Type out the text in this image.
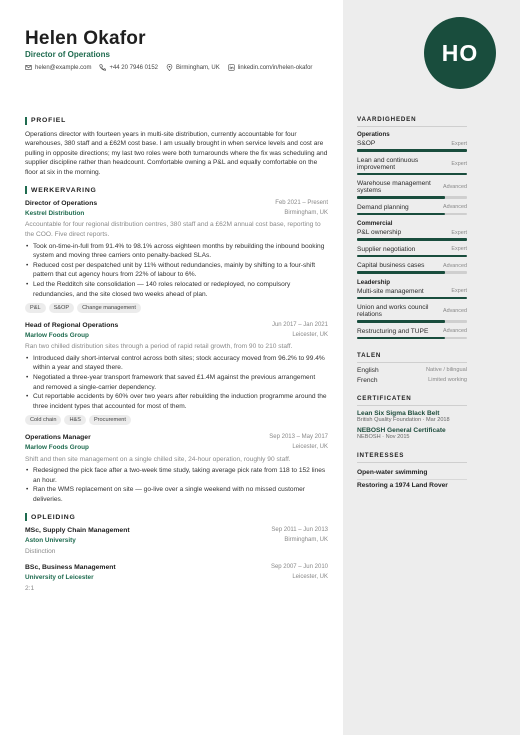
Helen Okafor
Director of Operations
helen@example.com	+44 20 7946 0152	Birmingham, UK	linkedin.com/in/helen-okafor
HO
PROFIEL
Operations director with fourteen years in multi-site distribution, currently accountable for four warehouses, 380 staff and a £62M cost base. I am usually brought in when service levels and cost are pulling in opposite directions; my last two roles were both turnarounds where the fix was scheduling and supplier discipline rather than headcount. Comfortable owning a P&L and equally comfortable on the floor at six in the morning.
WERKERVARING
Director of Operations	Feb 2021 – Present
Kestrel Distribution	Birmingham, UK
Accountable for four regional distribution centres, 380 staff and a £62M annual cost base, reporting to the COO. Five direct reports.
• Took on-time-in-full from 91.4% to 98.1% across eighteen months by rebuilding the inbound booking system and moving three carriers onto penalty-backed SLAs.
• Reduced cost per despatched unit by 11% without redundancies, mainly by shifting to a four-shift pattern that cut agency hours from 22% of labour to 6%.
• Led the Redditch site consolidation — 140 roles relocated or redeployed, no compulsory redundancies, and the site closed two weeks ahead of plan.
P&L	S&OP	Change management
Head of Regional Operations	Jun 2017 – Jan 2021
Marlow Foods Group	Leicester, UK
Ran two chilled distribution sites through a period of rapid retail growth, from 90 to 210 staff.
• Introduced daily short-interval control across both sites; stock accuracy moved from 96.2% to 99.4% within a year and stayed there.
• Negotiated a three-year transport framework that saved £1.4M against the previous arrangement and removed a single-carrier dependency.
• Cut reportable accidents by 60% over two years after rebuilding the induction programme around the three incident types that accounted for most of them.
Cold chain	H&S	Procurement
Operations Manager	Sep 2013 – May 2017
Marlow Foods Group	Leicester, UK
Shift and then site management on a single chilled site, 24-hour operation, roughly 90 staff.
• Redesigned the pick face after a two-week time study, taking average pick rate from 118 to 152 lines an hour.
• Ran the WMS replacement on site — go-live over a single weekend with no missed customer deliveries.
OPLEIDING
MSc, Supply Chain Management	Sep 2011 – Jun 2013
Aston University	Birmingham, UK
Distinction
BSc, Business Management	Sep 2007 – Jun 2010
University of Leicester	Leicester, UK
2:1
VAARDIGHEDEN
Operations
S&OP	Expert
Lean and continuous improvement	Expert
Warehouse management systems	Advanced
Demand planning	Advanced
Commercial
P&L ownership	Expert
Supplier negotiation	Expert
Capital business cases	Advanced
Leadership
Multi-site management	Expert
Union and works council relations	Advanced
Restructuring and TUPE	Advanced
TALEN
English	Native / bilingual
French	Limited working
CERTIFICATEN
Lean Six Sigma Black Belt
British Quality Foundation · Mar 2018
NEBOSH General Certificate
NEBOSH · Nov 2015
INTERESSES
Open-water swimming
Restoring a 1974 Land Rover
